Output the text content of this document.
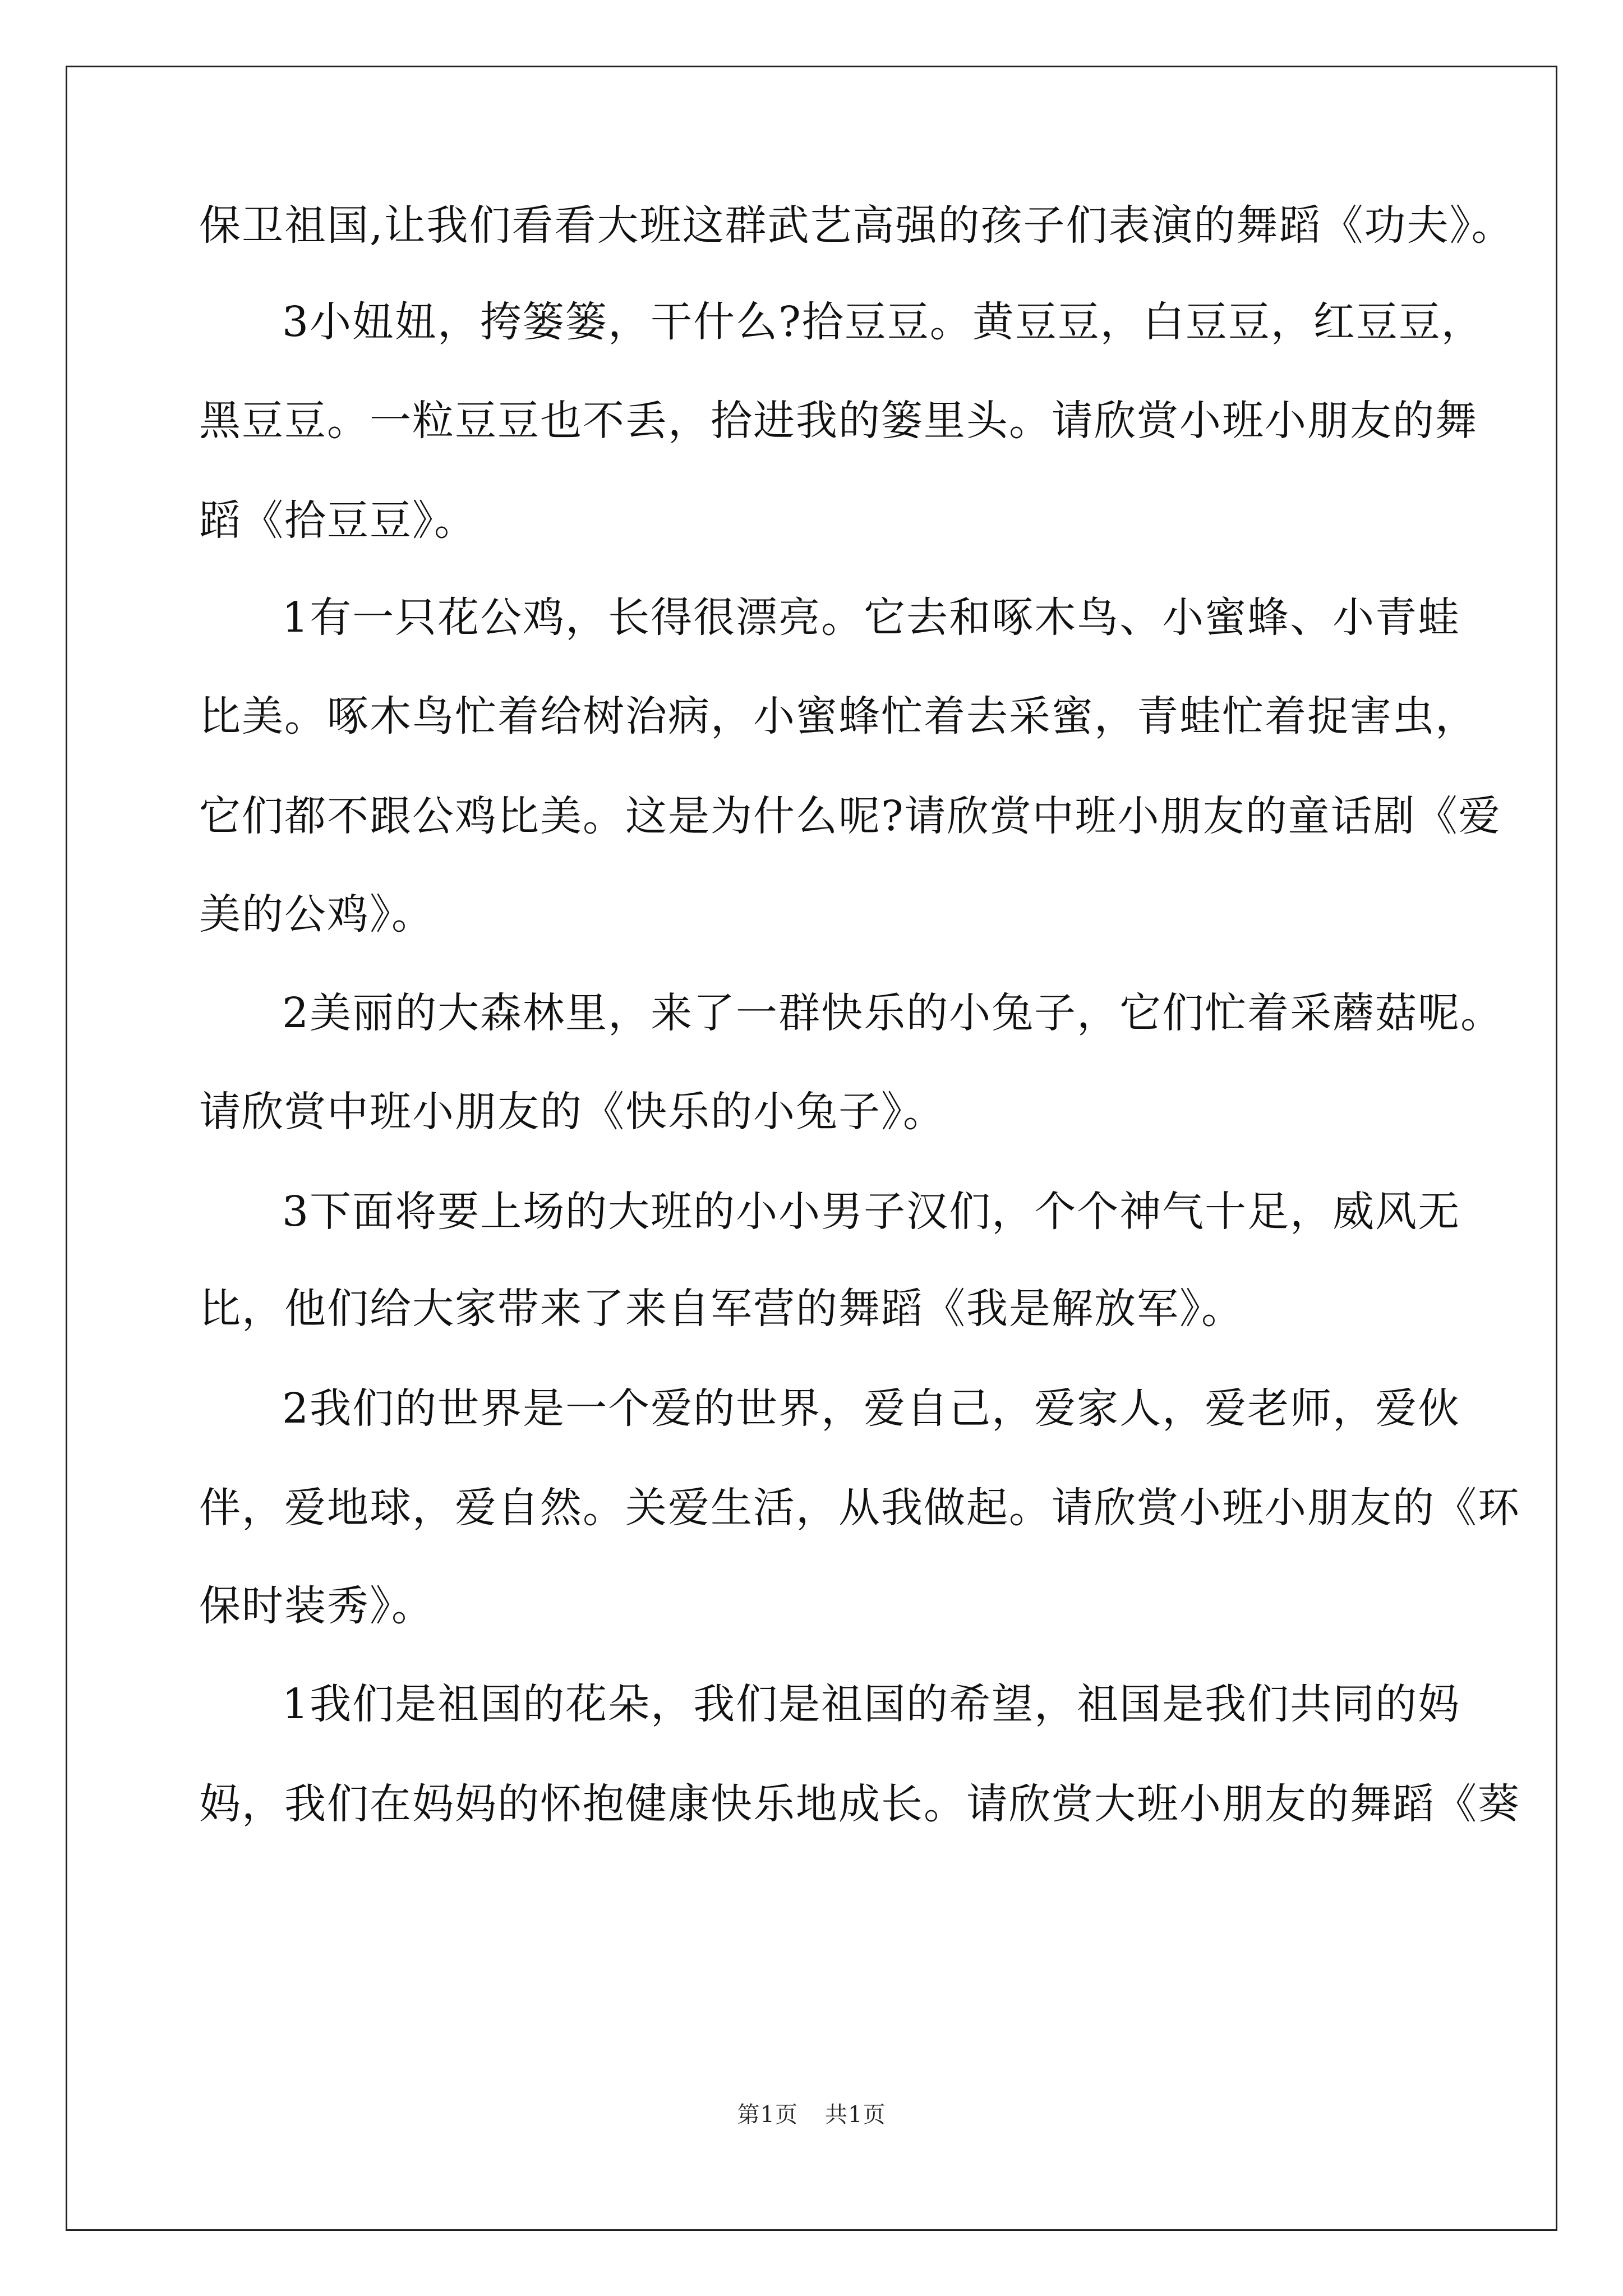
保卫祖国,让我们看看大班这群武艺高强的孩子们表演的舞蹈《功夫》。
3小妞妞，挎篓篓，干什么?拾豆豆。黄豆豆，白豆豆，红豆豆，
黑豆豆。一粒豆豆也不丢，拾进我的篓里头。请欣赏小班小朋友的舞
蹈《拾豆豆》。
1有一只花公鸡，长得很漂亮。它去和啄木鸟、小蜜蜂、小青蛙
比美。啄木鸟忙着给树治病，小蜜蜂忙着去采蜜，青蛙忙着捉害虫，
它们都不跟公鸡比美。这是为什么呢?请欣赏中班小朋友的童话剧《爱
美的公鸡》。
2美丽的大森林里，来了一群快乐的小兔子，它们忙着采蘑菇呢。
请欣赏中班小朋友的《快乐的小兔子》。
3下面将要上场的大班的小小男子汉们，个个神气十足，威风无
比，他们给大家带来了来自军营的舞蹈《我是解放军》。
2我们的世界是一个爱的世界，爱自己，爱家人，爱老师，爱伙
伴，爱地球，爱自然。关爱生活，从我做起。请欣赏小班小朋友的《环
保时装秀》。
1我们是祖国的花朵，我们是祖国的希望，祖国是我们共同的妈
妈，我们在妈妈的怀抱健康快乐地成长。请欣赏大班小朋友的舞蹈《葵
第1页 共1页
